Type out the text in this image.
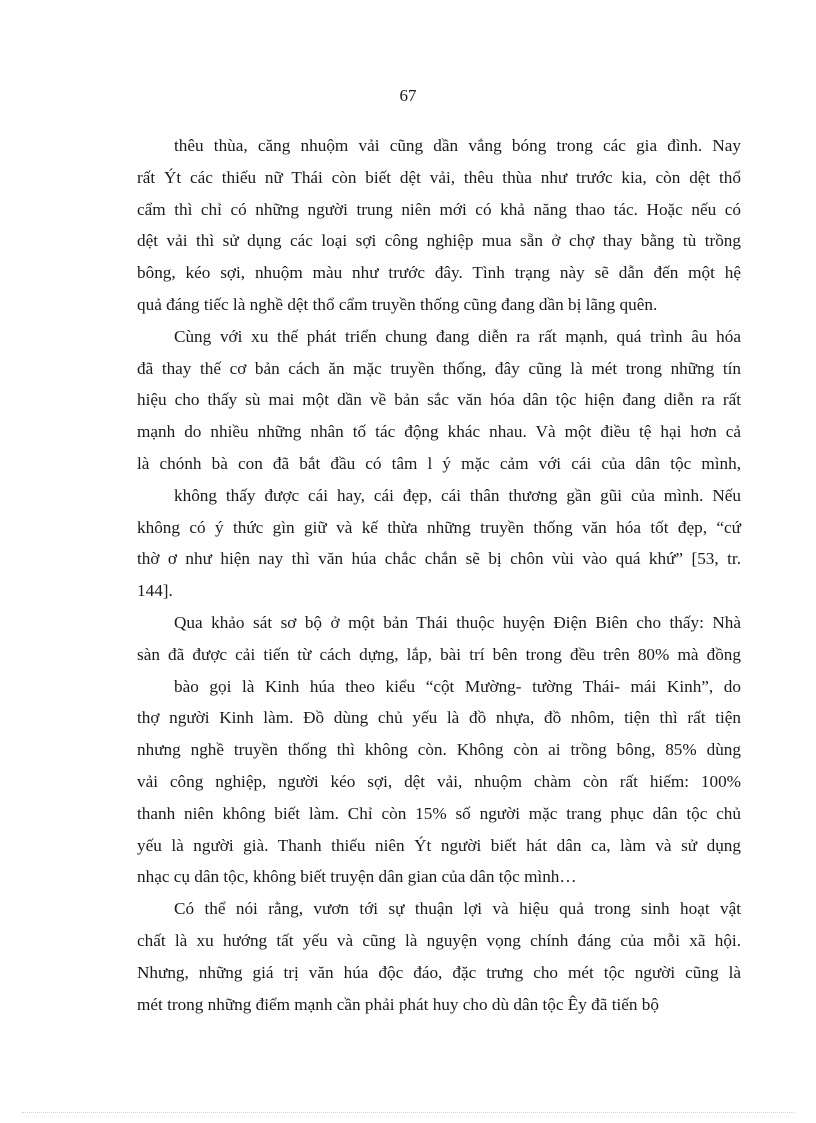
67
thêu thùa, căng nhuộm vải cũng dần vắng bóng trong các gia đình. Nay
rất Ýt các thiếu nữ Thái còn biết dệt vải, thêu thùa như trước kia, còn dệt thổ
cẩm thì chỉ có những người trung niên mới có khả năng thao tác. Hoặc nếu có
dệt vải thì sử dụng các loại sợi công nghiệp mua sẵn ở chợ thay bằng tù trồng
bông, kéo sợi, nhuộm màu như trước đây. Tình trạng này sẽ dẫn đến một hệ
quả đáng tiếc là nghề dệt thổ cẩm truyền thống cũng đang dần bị lãng quên.
Cùng với xu thế phát triển chung đang diễn ra rất mạnh, quá trình âu hóa
đã thay thế cơ bản cách ăn mặc truyền thống, đây cũng là mét trong những tín
hiệu cho thấy sù mai một dần về bản sắc văn hóa dân tộc hiện đang diễn ra rất
mạnh do nhiều những nhân tố tác động khác nhau. Và một điều tệ hại hơn cả
là chónh bà con đã bắt đầu có tâm l ý mặc cảm với cái của dân tộc mình,
không thấy được cái hay, cái đẹp, cái thân thương gần gũi của mình. Nếu
không có ý thức gìn giữ và kế thừa những truyền thống văn hóa tốt đẹp, “cứ
thờ ơ như hiện nay thì văn húa chắc chắn sẽ bị chôn vùi vào quá khứ” [53, tr.
144].
Qua khảo sát sơ bộ ở một bản Thái thuộc huyện Điện Biên cho thấy: Nhà
sàn đã được cải tiến từ cách dựng, lắp, bài trí bên trong đều trên 80% mà đồng
bào gọi là Kinh húa theo kiểu “cột Mường- tường Thái- mái Kinh”, do
thợ người Kinh làm. Đồ dùng chủ yếu là đồ nhựa, đồ nhôm, tiện thì rất tiện
nhưng nghề truyền thống thì không còn. Không còn ai trồng bông, 85% dùng
vải công nghiệp, người kéo sợi, dệt vải, nhuộm chàm còn rất hiếm: 100%
thanh niên không biết làm. Chỉ còn 15% số người mặc trang phục dân tộc chủ
yếu là người già. Thanh thiếu niên Ýt người biết hát dân ca, làm và sử dụng
nhạc cụ dân tộc, không biết truyện dân gian của dân tộc mình…
Có thể nói rằng, vươn tới sự thuận lợi và hiệu quả trong sinh hoạt vật
chất là xu hướng tất yếu và cũng là nguyện vọng chính đáng của mỗi xã hội.
Nhưng, những giá trị văn húa độc đáo, đặc trưng cho mét tộc người cũng là
mét trong những điểm mạnh cần phải phát huy cho dù dân tộc Êy đã tiến bộ
